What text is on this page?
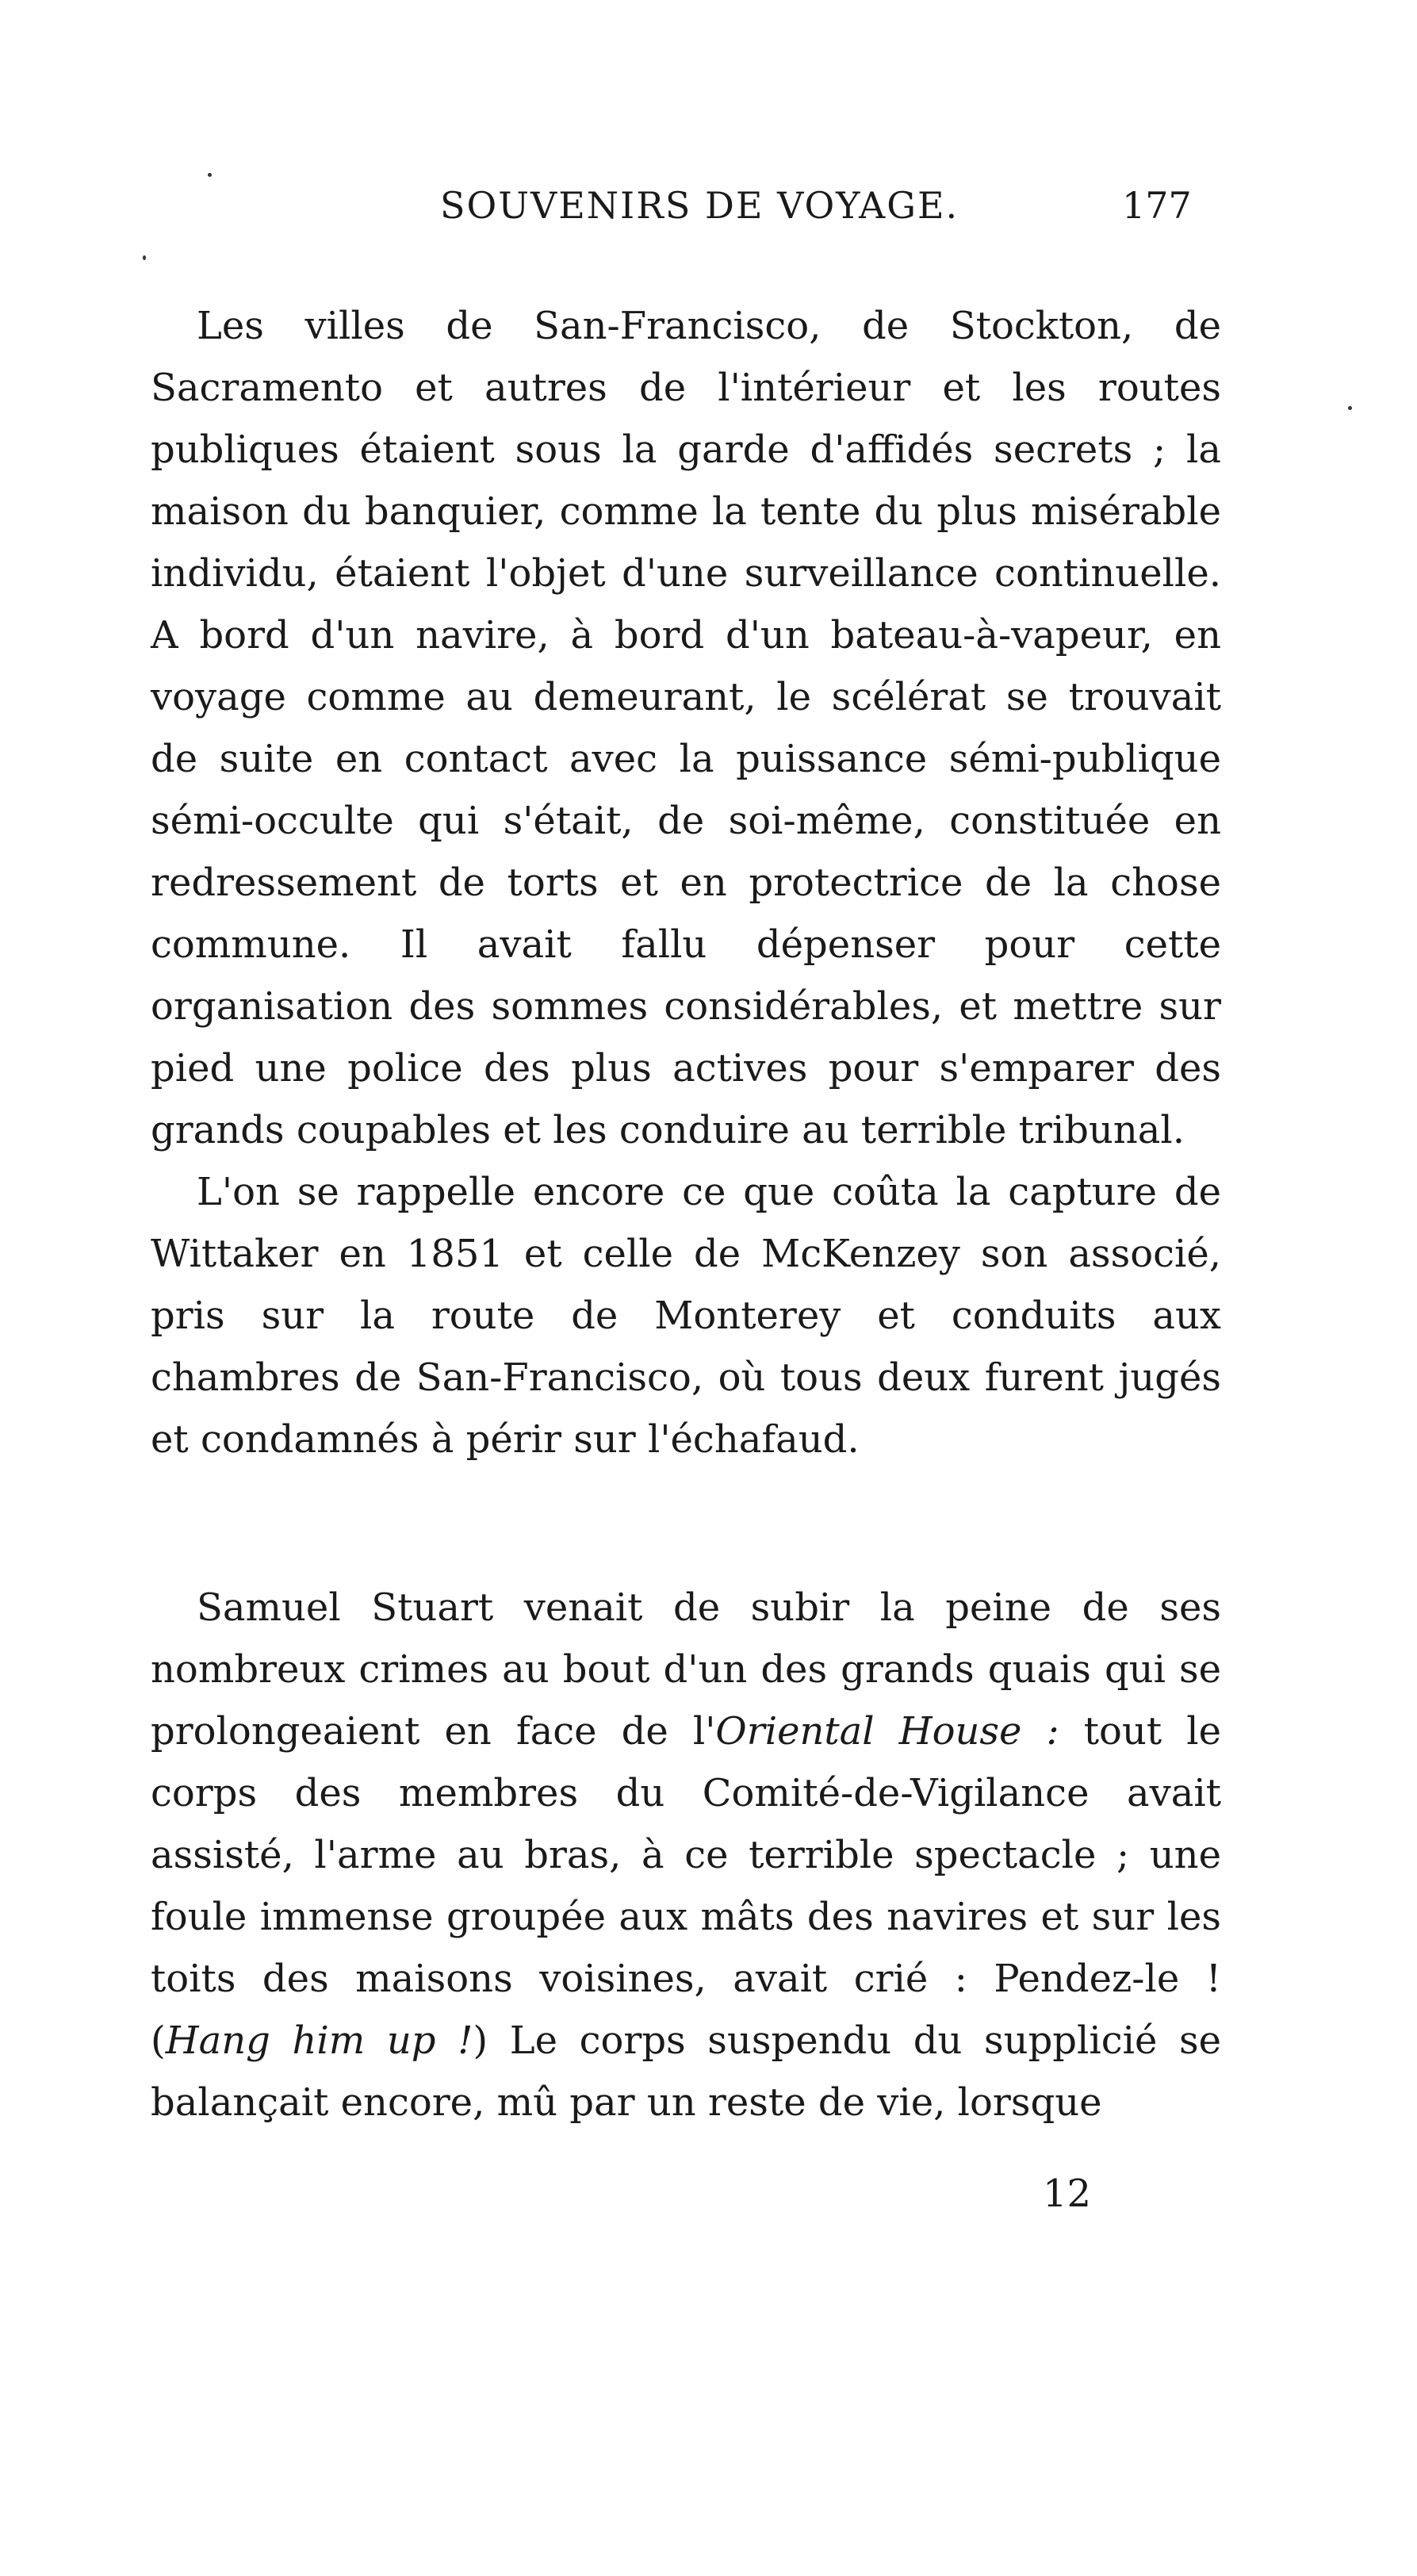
SOUVENIRS DE VOYAGE.	177

Les villes de San-Francisco, de Stockton, de Sacramento et autres de l'intérieur et les routes publiques étaient sous la garde d'affidés secrets ; la maison du banquier, comme la tente du plus misérable individu, étaient l'objet d'une surveillance continuelle. A bord d'un navire, à bord d'un bateau-à-vapeur, en voyage comme au demeurant, le scélérat se trouvait de suite en contact avec la puissance sémi-publique sémi-occulte qui s'était, de soi-même, constituée en redressement de torts et en protectrice de la chose commune. Il avait fallu dépenser pour cette organisation des sommes considérables, et mettre sur pied une police des plus actives pour s'emparer des grands coupables et les conduire au terrible tribunal.

L'on se rappelle encore ce que coûta la capture de Wittaker en 1851 et celle de McKenzey son associé, pris sur la route de Monterey et conduits aux chambres de San-Francisco, où tous deux furent jugés et condamnés à périr sur l'échafaud.

Samuel Stuart venait de subir la peine de ses nombreux crimes au bout d'un des grands quais qui se prolongeaient en face de l'Oriental House : tout le corps des membres du Comité-de-Vigilance avait assisté, l'arme au bras, à ce terrible spectacle ; une foule immense groupée aux mâts des navires et sur les toits des maisons voisines, avait crié : Pendez-le ! (Hang him up !) Le corps suspendu du supplicié se balançait encore, mû par un reste de vie, lorsque

12
